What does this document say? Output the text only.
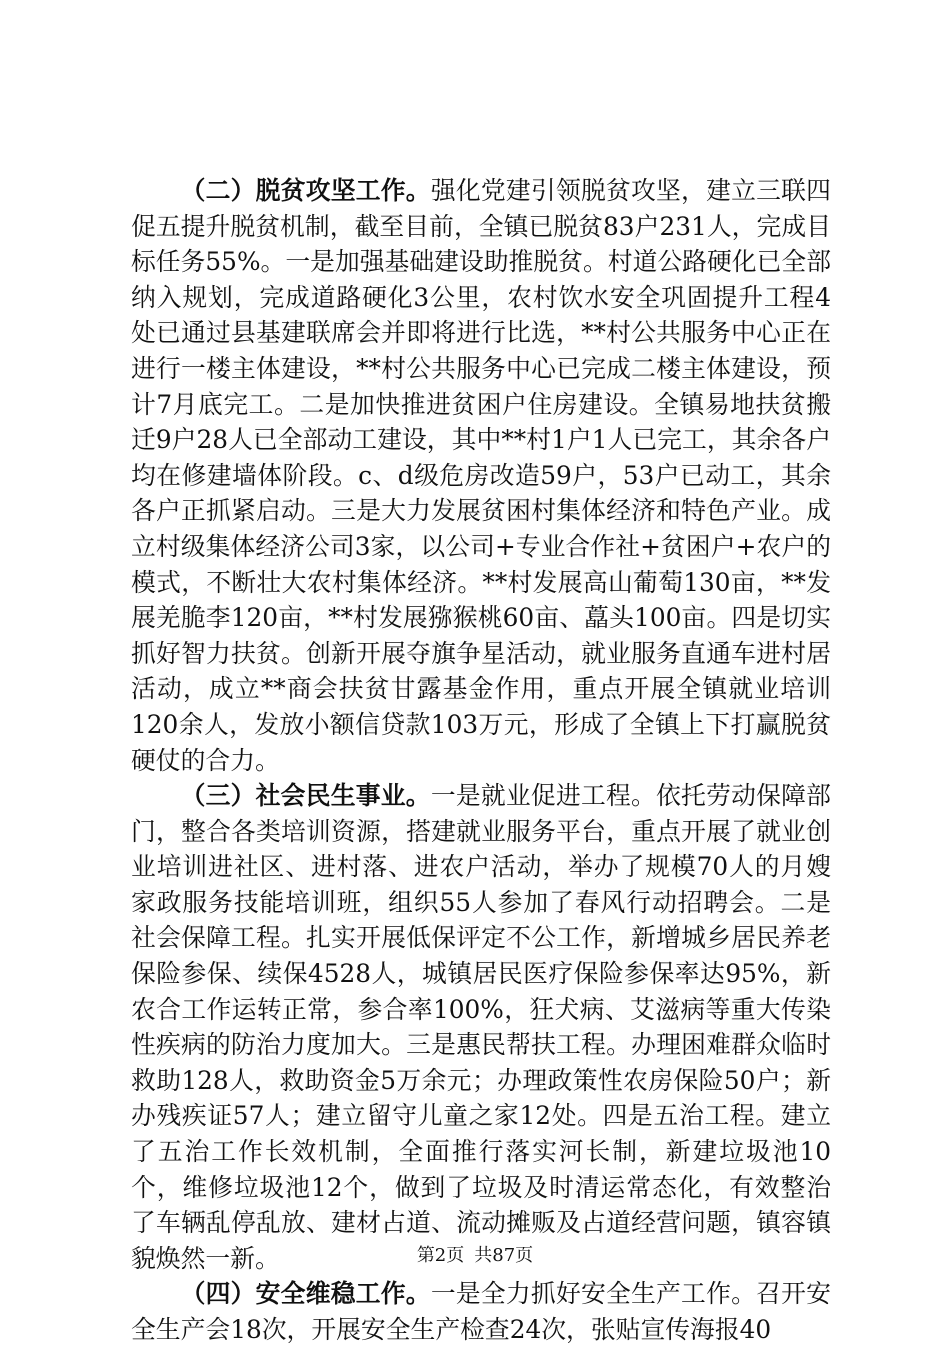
（二）脱贫攻坚工作。强化党建引领脱贫攻坚，建立三联四促五提升脱贫机制，截至目前，全镇已脱贫83户231人，完成目标任务55%。一是加强基础建设助推脱贫。村道公路硬化已全部纳入规划，完成道路硬化3公里，农村饮水安全巩固提升工程4处已通过县基建联席会并即将进行比选，**村公共服务中心正在进行一楼主体建设，**村公共服务中心已完成二楼主体建设，预计7月底完工。二是加快推进贫困户住房建设。全镇易地扶贫搬迁9户28人已全部动工建设，其中**村1户1人已完工，其余各户均在修建墙体阶段。c、d级危房改造59户，53户已动工，其余各户正抓紧启动。三是大力发展贫困村集体经济和特色产业。成立村级集体经济公司3家，以公司+专业合作社+贫困户+农户的模式，不断壮大农村集体经济。**村发展高山葡萄130亩，**发展羌脆李120亩，**村发展猕猴桃60亩、藠头100亩。四是切实抓好智力扶贫。创新开展夺旗争星活动，就业服务直通车进村居活动，成立**商会扶贫甘露基金作用，重点开展全镇就业培训120余人，发放小额信贷款103万元，形成了全镇上下打赢脱贫硬仗的合力。

（三）社会民生事业。一是就业促进工程。依托劳动保障部门，整合各类培训资源，搭建就业服务平台，重点开展了就业创业培训进社区、进村落、进农户活动，举办了规模70人的月嫂家政服务技能培训班，组织55人参加了春风行动招聘会。二是社会保障工程。扎实开展低保评定不公工作，新增城乡居民养老保险参保、续保4528人，城镇居民医疗保险参保率达95%，新农合工作运转正常，参合率100%，狂犬病、艾滋病等重大传染性疾病的防治力度加大。三是惠民帮扶工程。办理困难群众临时救助128人，救助资金5万余元；办理政策性农房保险50户；新办残疾证57人；建立留守儿童之家12处。四是五治工程。建立了五治工作长效机制，全面推行落实河长制，新建垃圾池10个，维修垃圾池12个，做到了垃圾及时清运常态化，有效整治了车辆乱停乱放、建材占道、流动摊贩及占道经营问题，镇容镇貌焕然一新。

（四）安全维稳工作。一是全力抓好安全生产工作。召开安全生产会18次，开展安全生产检查24次，张贴宣传海报40

第2页 共87页
